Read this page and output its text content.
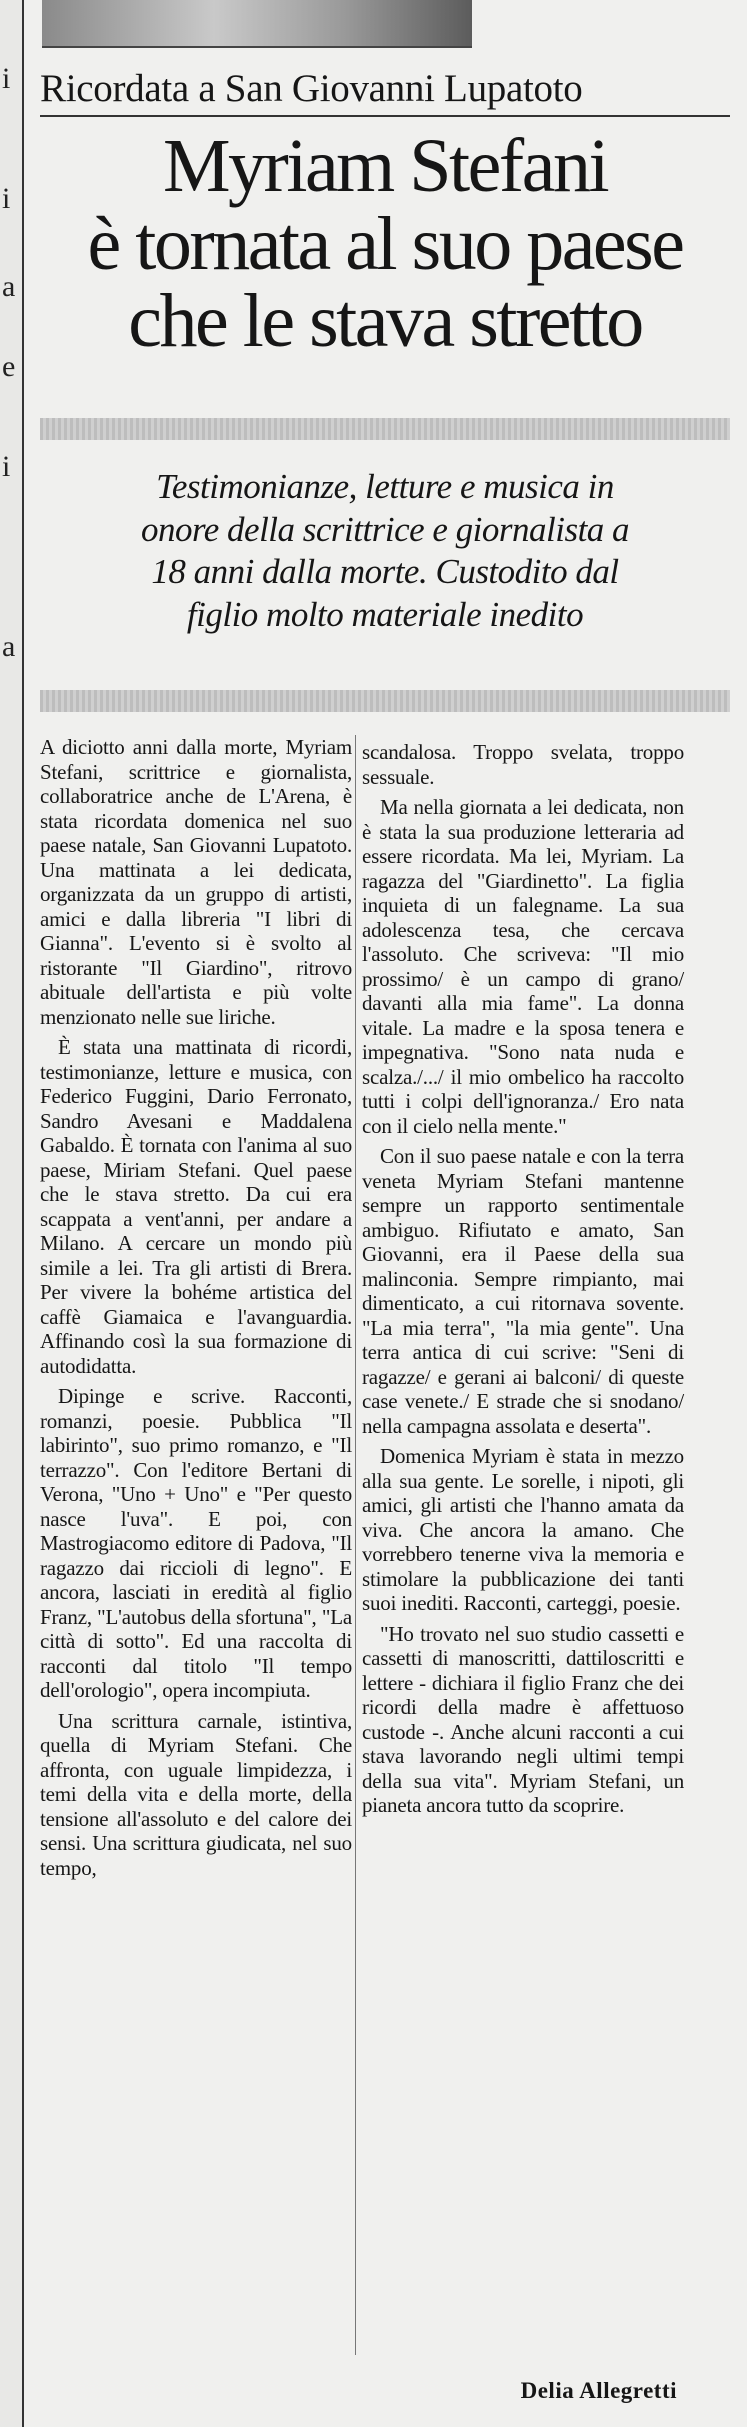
i
i
a
e
i
a
Ricordata a San Giovanni Lupatoto
Myriam Stefani
è tornata al suo paese
che le stava stretto
Testimonianze, letture e musica in
onore della scrittrice e giornalista a
18 anni dalla morte. Custodito dal
figlio molto materiale inedito

A diciotto anni dalla morte, Myriam Stefani, scrittrice e giornalista, collaboratrice anche de L'Arena, è stata ricordata domenica nel suo paese natale, San Giovanni Lupatoto. Una mattinata a lei dedicata, organizzata da un gruppo di artisti, amici e dalla libreria "I libri di Gianna". L'evento si è svolto al ristorante "Il Giardino", ritrovo abituale dell'artista e più volte menzionato nelle sue liriche.

È stata una mattinata di ricordi, testimonianze, letture e musica, con Federico Fuggini, Dario Ferronato, Sandro Avesani e Maddalena Gabaldo. È tornata con l'anima al suo paese, Miriam Stefani. Quel paese che le stava stretto. Da cui era scappata a vent'anni, per andare a Milano. A cercare un mondo più simile a lei. Tra gli artisti di Brera. Per vivere la bohéme artistica del caffè Giamaica e l'avanguardia. Affinando così la sua formazione di autodidatta.

Dipinge e scrive. Racconti, romanzi, poesie. Pubblica "Il labirinto", suo primo romanzo, e "Il terrazzo". Con l'editore Bertani di Verona, "Uno + Uno" e "Per questo nasce l'uva". E poi, con Mastrogiacomo editore di Padova, "Il ragazzo dai riccioli di legno". E ancora, lasciati in eredità al figlio Franz, "L'autobus della sfortuna", "La città di sotto". Ed una raccolta di racconti dal titolo "Il tempo dell'orologio", opera incompiuta.

Una scrittura carnale, istintiva, quella di Myriam Stefani. Che affronta, con uguale limpidezza, i temi della vita e della morte, della tensione all'assoluto e del calore dei sensi. Una scrittura giudicata, nel suo tempo,

scandalosa. Troppo svelata, troppo sessuale.

Ma nella giornata a lei dedicata, non è stata la sua produzione letteraria ad essere ricordata. Ma lei, Myriam. La ragazza del "Giardinetto". La figlia inquieta di un falegname. La sua adolescenza tesa, che cercava l'assoluto. Che scriveva: "Il mio prossimo/ è un campo di grano/ davanti alla mia fame". La donna vitale. La madre e la sposa tenera e impegnativa. "Sono nata nuda e scalza./.../ il mio ombelico ha raccolto tutti i colpi dell'ignoranza./ Ero nata con il cielo nella mente."

Con il suo paese natale e con la terra veneta Myriam Stefani mantenne sempre un rapporto sentimentale ambiguo. Rifiutato e amato, San Giovanni, era il Paese della sua malinconia. Sempre rimpianto, mai dimenticato, a cui ritornava sovente. "La mia terra", "la mia gente". Una terra antica di cui scrive: "Seni di ragazze/ e gerani ai balconi/ di queste case venete./ E strade che si snodano/ nella campagna assolata e deserta".

Domenica Myriam è stata in mezzo alla sua gente. Le sorelle, i nipoti, gli amici, gli artisti che l'hanno amata da viva. Che ancora la amano. Che vorrebbero tenerne viva la memoria e stimolare la pubblicazione dei tanti suoi inediti. Racconti, carteggi, poesie.

"Ho trovato nel suo studio cassetti e cassetti di manoscritti, dattiloscritti e lettere - dichiara il figlio Franz che dei ricordi della madre è affettuoso custode -. Anche alcuni racconti a cui stava lavorando negli ultimi tempi della sua vita". Myriam Stefani, un pianeta ancora tutto da scoprire.

Delia Allegretti
